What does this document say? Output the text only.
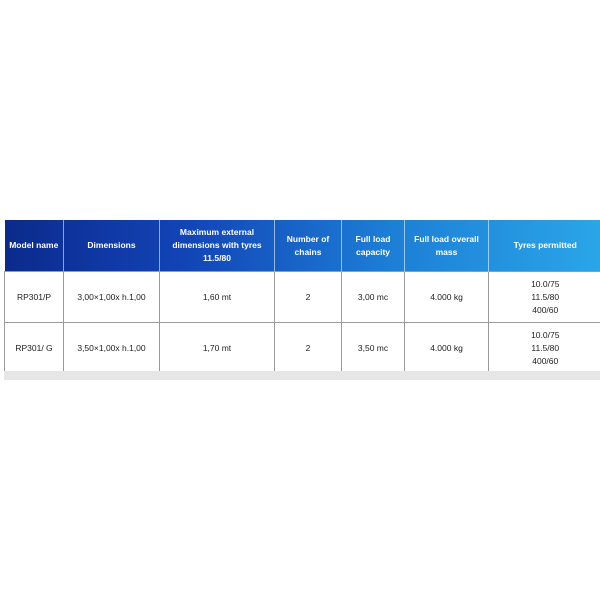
Model name	Dimensions	Maximum external dimensions with tyres 11.5/80	Number of chains	Full load capacity	Full load overall mass	Tyres permitted
RP301/P	3,00×1,00x h.1,00	1,60 mt	2	3,00 mc	4.000 kg	10.0/75
11.5/80
400/60

RP301/ G	3,50×1,00x h.1,00	1,70 mt	2	3,50 mc	4.000 kg	10.0/75
11.5/80
400/60
